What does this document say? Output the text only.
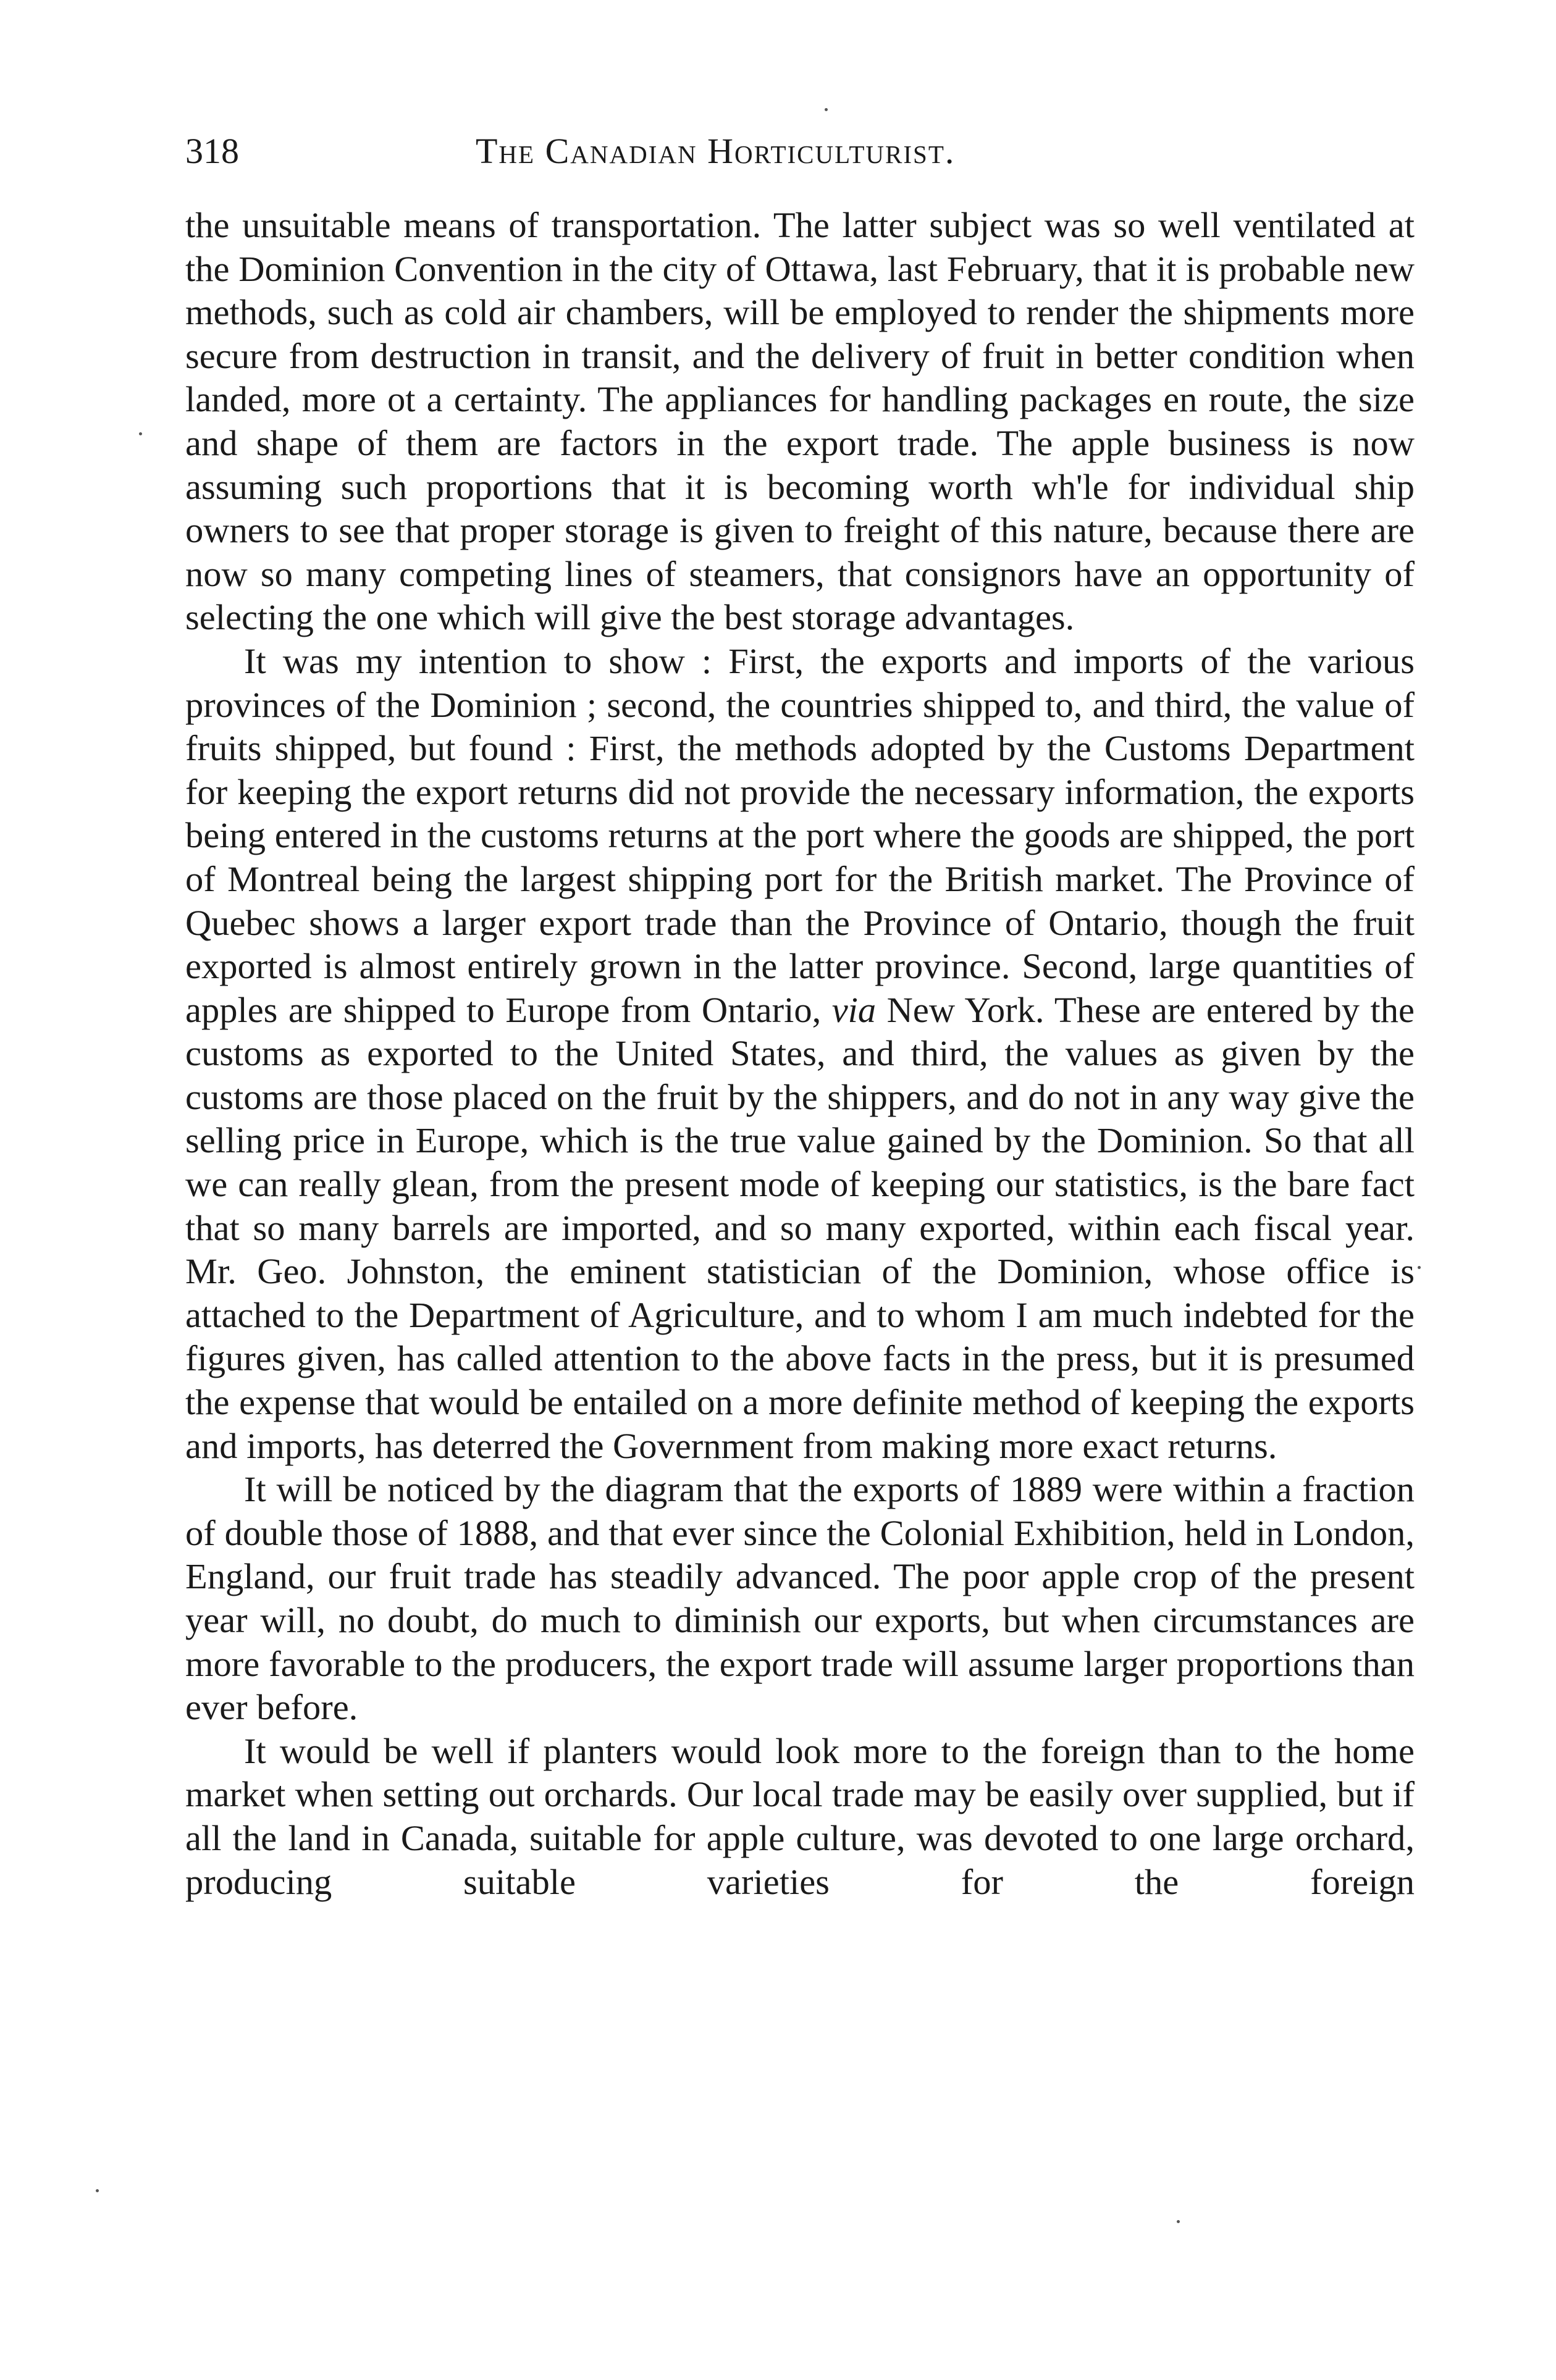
318	The Canadian Horticulturist.

the unsuitable means of transportation. The latter subject was so well ventilated at the Dominion Convention in the city of Ottawa, last February, that it is probable new methods, such as cold air chambers, will be employed to render the shipments more secure from destruction in transit, and the delivery of fruit in better condition when landed, more ot a certainty. The appliances for handling packages en route, the size and shape of them are factors in the export trade. The apple business is now assuming such proportions that it is becoming worth wh'le for individual ship owners to see that proper storage is given to freight of this nature, because there are now so many competing lines of steamers, that consignors have an opportunity of selecting the one which will give the best storage advantages.

It was my intention to show : First, the exports and imports of the various provinces of the Dominion ; second, the countries shipped to, and third, the value of fruits shipped, but found : First, the methods adopted by the Customs Department for keeping the export returns did not provide the necessary information, the exports being entered in the customs returns at the port where the goods are shipped, the port of Montreal being the largest shipping port for the British market. The Province of Quebec shows a larger export trade than the Province of Ontario, though the fruit exported is almost entirely grown in the latter province. Second, large quantities of apples are shipped to Europe from Ontario, via New York. These are entered by the customs as exported to the United States, and third, the values as given by the customs are those placed on the fruit by the shippers, and do not in any way give the selling price in Europe, which is the true value gained by the Dominion. So that all we can really glean, from the present mode of keeping our statistics, is the bare fact that so many barrels are imported, and so many exported, within each fiscal year. Mr. Geo. Johnston, the eminent statistician of the Dominion, whose office is attached to the Department of Agriculture, and to whom I am much indebted for the figures given, has called attention to the above facts in the press, but it is presumed the expense that would be entailed on a more definite method of keeping the exports and imports, has deterred the Government from making more exact returns.

It will be noticed by the diagram that the exports of 1889 were within a fraction of double those of 1888, and that ever since the Colonial Exhibition, held in London, England, our fruit trade has steadily advanced. The poor apple crop of the present year will, no doubt, do much to diminish our exports, but when circumstances are more favorable to the producers, the export trade will assume larger proportions than ever before.

It would be well if planters would look more to the foreign than to the home market when setting out orchards. Our local trade may be easily over supplied, but if all the land in Canada, suitable for apple culture, was devoted to one large orchard, producing suitable varieties for the foreign
